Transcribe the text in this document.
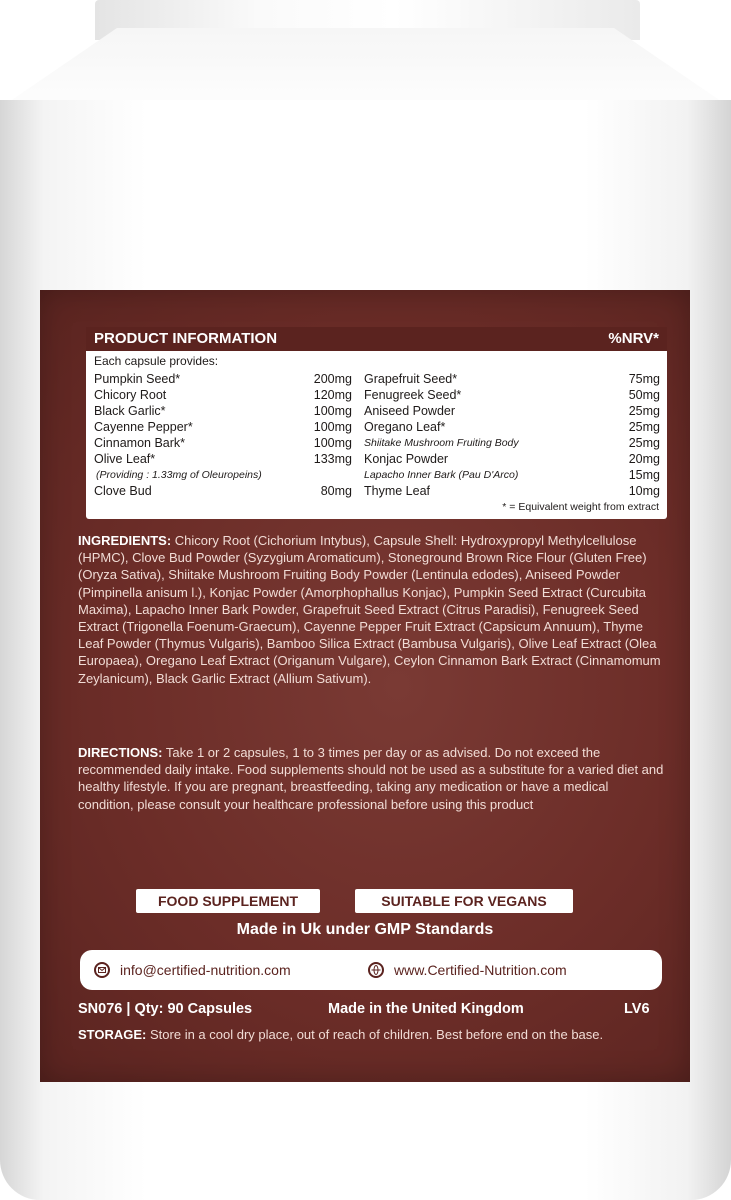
PRODUCT INFORMATION	%NRV*
Each capsule provides:
Pumpkin Seed*	200mg
Chicory Root	120mg
Black Garlic*	100mg
Cayenne Pepper*	100mg
Cinnamon Bark*	100mg
Olive Leaf*	133mg
(Providing : 1.33mg of Oleuropeins)
Clove Bud	80mg
Grapefruit Seed*	75mg
Fenugreek Seed*	50mg
Aniseed Powder	25mg
Oregano Leaf*	25mg
Shiitake Mushroom Fruiting Body	25mg
Konjac Powder	20mg
Lapacho Inner Bark (Pau D'Arco)	15mg
Thyme Leaf	10mg
* = Equivalent weight from extract
INGREDIENTS: Chicory Root (Cichorium Intybus), Capsule Shell: Hydroxypropyl Methylcellulose (HPMC), Clove Bud Powder (Syzygium Aromaticum), Stoneground Brown Rice Flour (Gluten Free) (Oryza Sativa), Shiitake Mushroom Fruiting Body Powder (Lentinula edodes), Aniseed Powder (Pimpinella anisum l.), Konjac Powder (Amorphophallus Konjac), Pumpkin Seed Extract (Curcubita Maxima), Lapacho Inner Bark Powder, Grapefruit Seed Extract (Citrus Paradisi), Fenugreek Seed Extract (Trigonella Foenum-Graecum), Cayenne Pepper Fruit Extract (Capsicum Annuum), Thyme Leaf Powder (Thymus Vulgaris), Bamboo Silica Extract (Bambusa Vulgaris), Olive Leaf Extract (Olea Europaea), Oregano Leaf Extract (Origanum Vulgare), Ceylon Cinnamon Bark Extract (Cinnamomum Zeylanicum), Black Garlic Extract (Allium Sativum).
DIRECTIONS: Take 1 or 2 capsules, 1 to 3 times per day or as advised. Do not exceed the recommended daily intake. Food supplements should not be used as a substitute for a varied diet and healthy lifestyle. If you are pregnant, breastfeeding, taking any medication or have a medical condition, please consult your healthcare professional before using this product
FOOD SUPPLEMENT	SUITABLE FOR VEGANS
Made in Uk under GMP Standards
info@certified-nutrition.com	www.Certified-Nutrition.com
SN076 | Qty: 90 Capsules	Made in the United Kingdom	LV6
STORAGE: Store in a cool dry place, out of reach of children. Best before end on the base.
